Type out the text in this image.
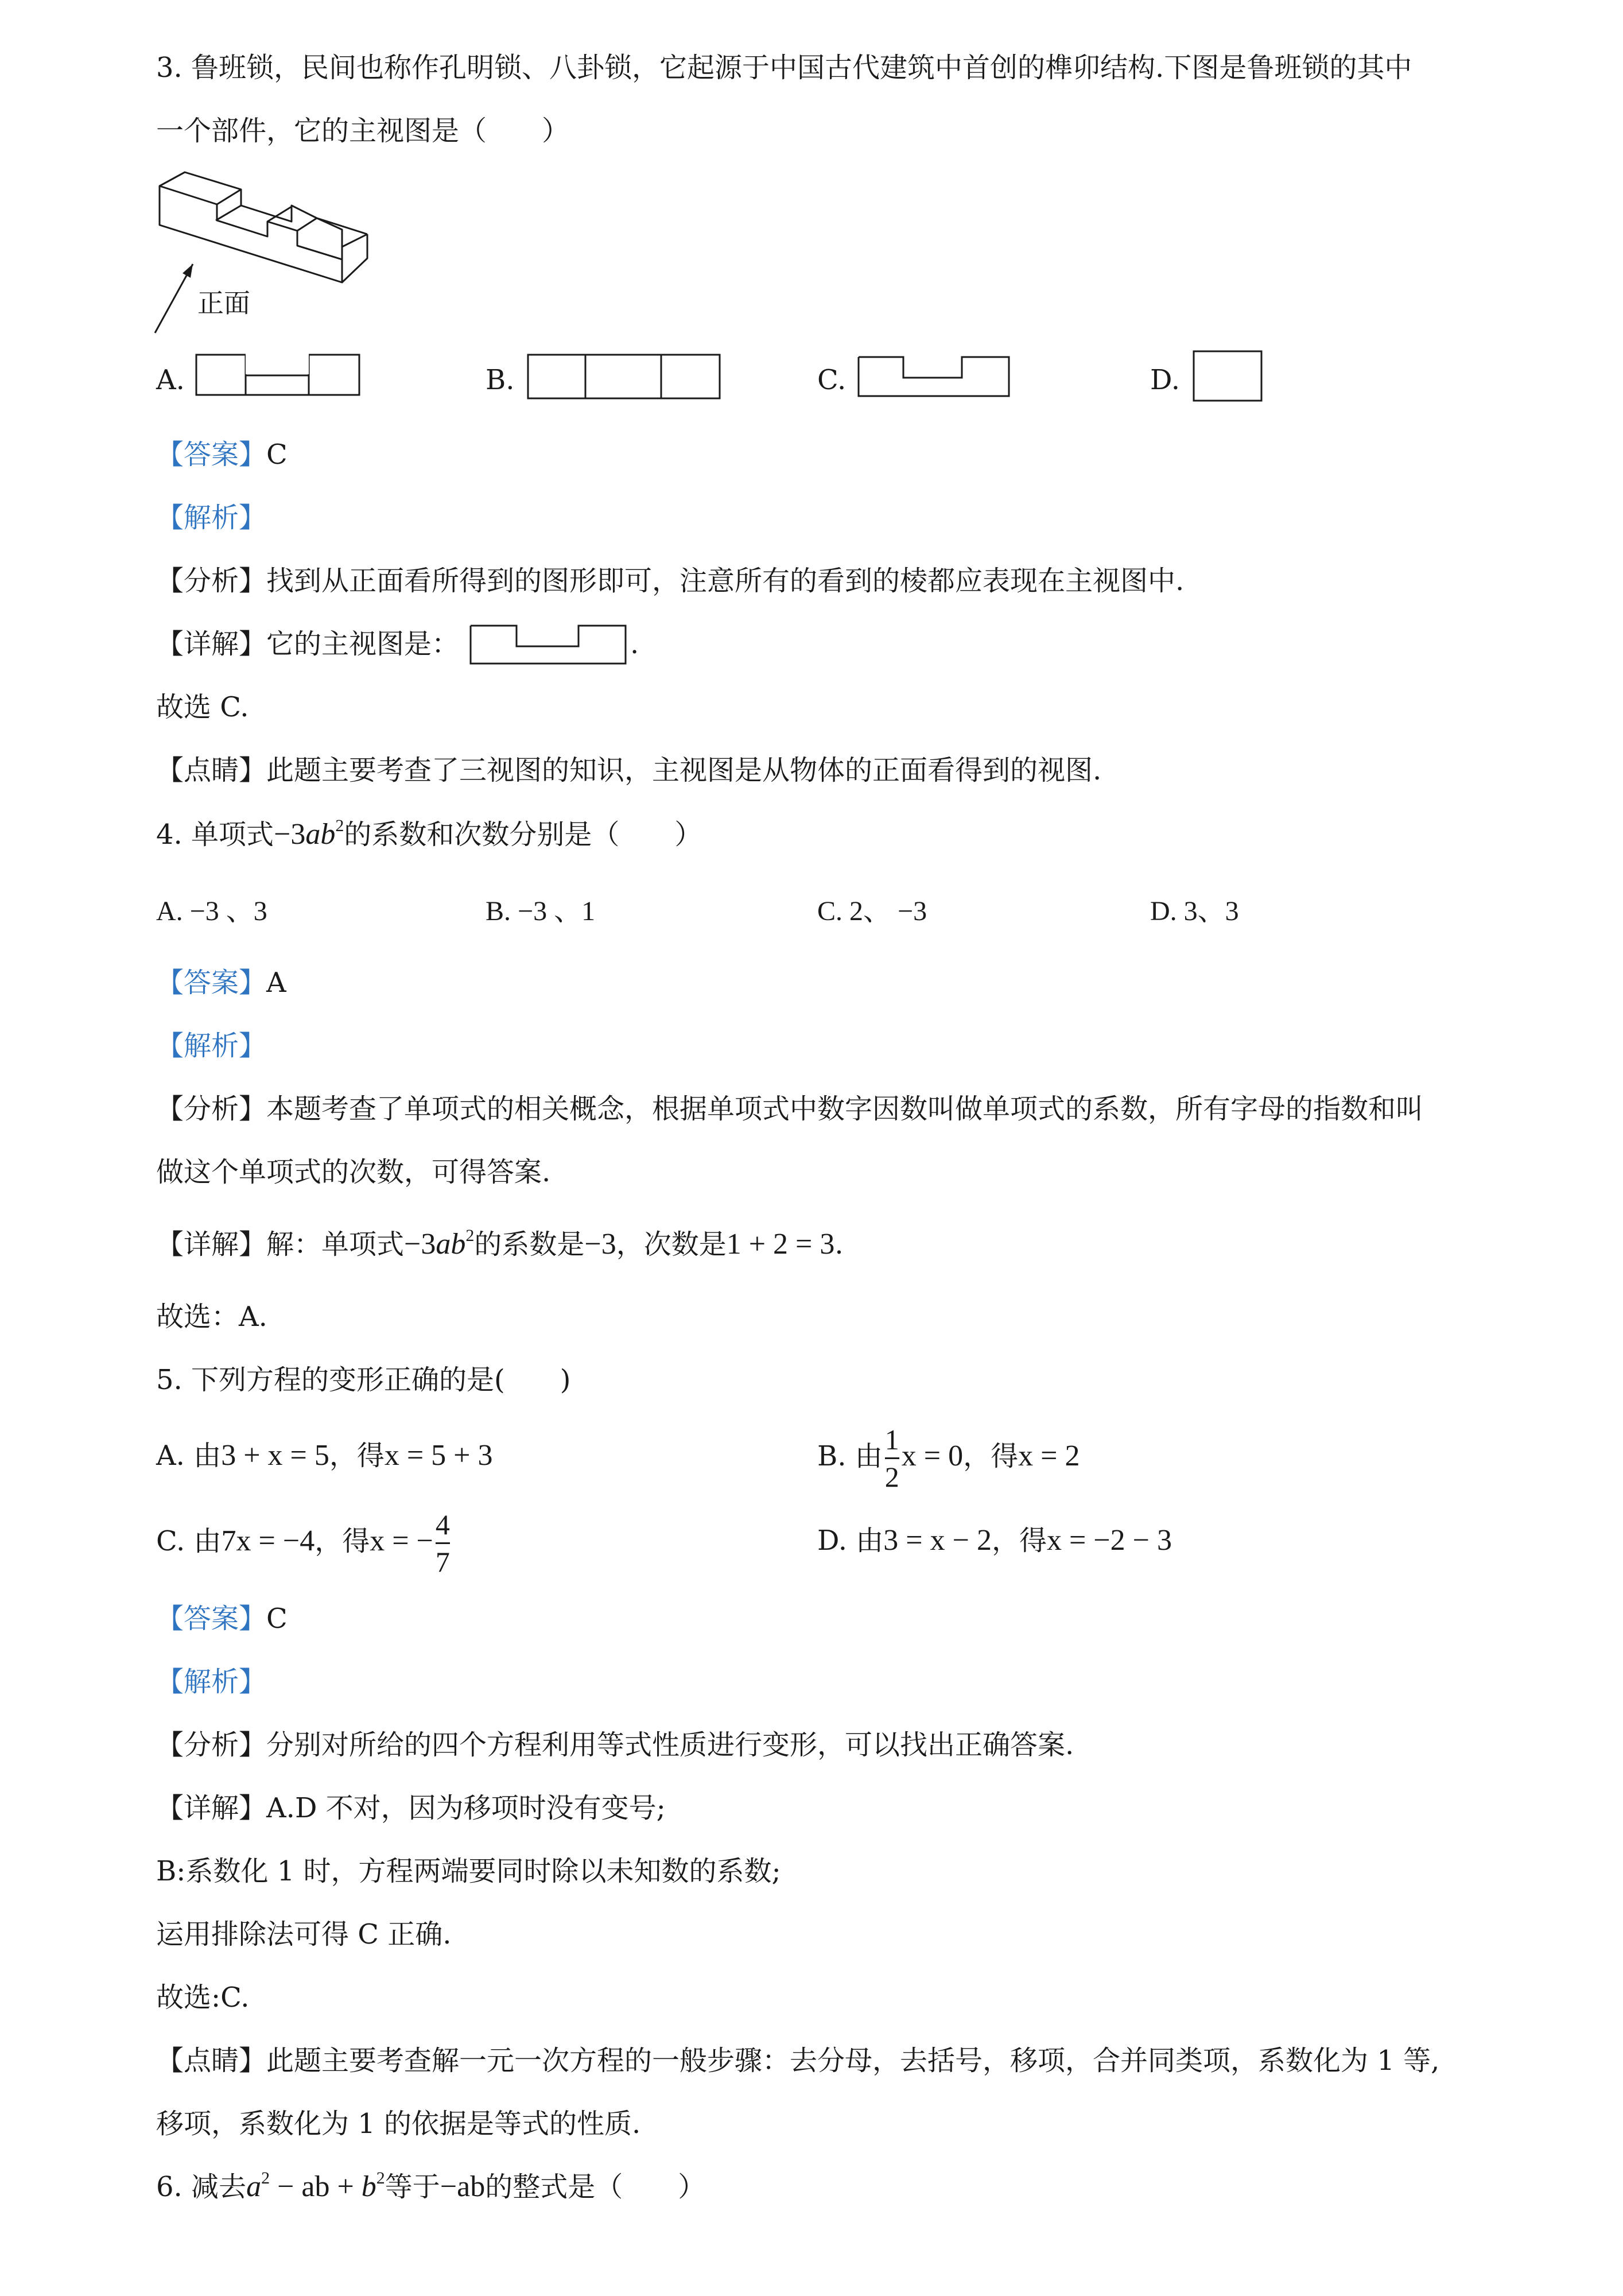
3. 鲁班锁，民间也称作孔明锁、八卦锁，它起源于中国古代建筑中首创的榫卯结构.下图是鲁班锁的其中
一个部件，它的主视图是（　　）
正面
A.	B.	C.	D.
【答案】C
【解析】
【分析】找到从正面看所得到的图形即可，注意所有的看到的棱都应表现在主视图中.
【详解】它的主视图是：	.
故选 C.
【点睛】此题主要考查了三视图的知识，主视图是从物体的正面看得到的视图.
4. 单项式$-3ab^2$的系数和次数分别是（　　）
A. −3 、3	B. −3 、1	C. 2、 −3	D. 3、3
【答案】A
【解析】
【分析】本题考查了单项式的相关概念，根据单项式中数字因数叫做单项式的系数，所有字母的指数和叫
做这个单项式的次数，可得答案.
【详解】解：单项式$-3ab^2$的系数是−3，次数是1 + 2 = 3.
故选：A.
5. 下列方程的变形正确的是(　　)
A. 由3 + x = 5，得x = 5 + 3	B. 由 $\frac{1}{2}$ x = 0，得x = 2
C. 由7x = −4，得x = − $\frac{4}{7}$	D. 由3 = x − 2，得x = −2 − 3
【答案】C
【解析】
【分析】分别对所给的四个方程利用等式性质进行变形，可以找出正确答案.
【详解】A.D 不对，因为移项时没有变号;
B:系数化 1 时，方程两端要同时除以未知数的系数;
运用排除法可得 C 正确.
故选:C.
【点睛】此题主要考查解一元一次方程的一般步骤：去分母，去括号，移项，合并同类项，系数化为 1 等,
移项，系数化为 1 的依据是等式的性质.
6. 减去$a^2$ − ab + $b^2$等于−ab的整式是（　　）
